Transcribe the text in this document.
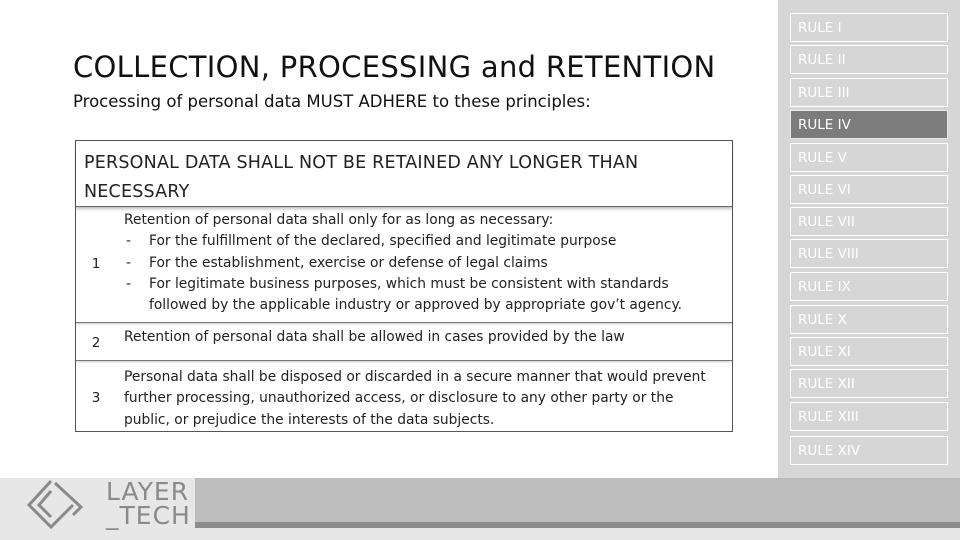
COLLECTION, PROCESSING and RETENTION
Processing of personal data MUST ADHERE to these principles:
PERSONAL DATA SHALL NOT BE RETAINED ANY LONGER THAN
NECESSARY
1
Retention of personal data shall only for as long as necessary:
- For the fulfillment of the declared, specified and legitimate purpose
- For the establishment, exercise or defense of legal claims
- For legitimate business purposes, which must be consistent with standards followed by the applicable industry or approved by appropriate gov’t agency.
2	Retention of personal data shall be allowed in cases provided by the law
3
Personal data shall be disposed or discarded in a secure manner that would prevent further processing, unauthorized access, or disclosure to any other party or the public, or prejudice the interests of the data subjects.
RULE I
RULE II
RULE III
RULE IV
RULE V
RULE VI
RULE VII
RULE VIII
RULE IX
RULE X
RULE XI
RULE XII
RULE XIII
RULE XIV
LAYER
_TECH
